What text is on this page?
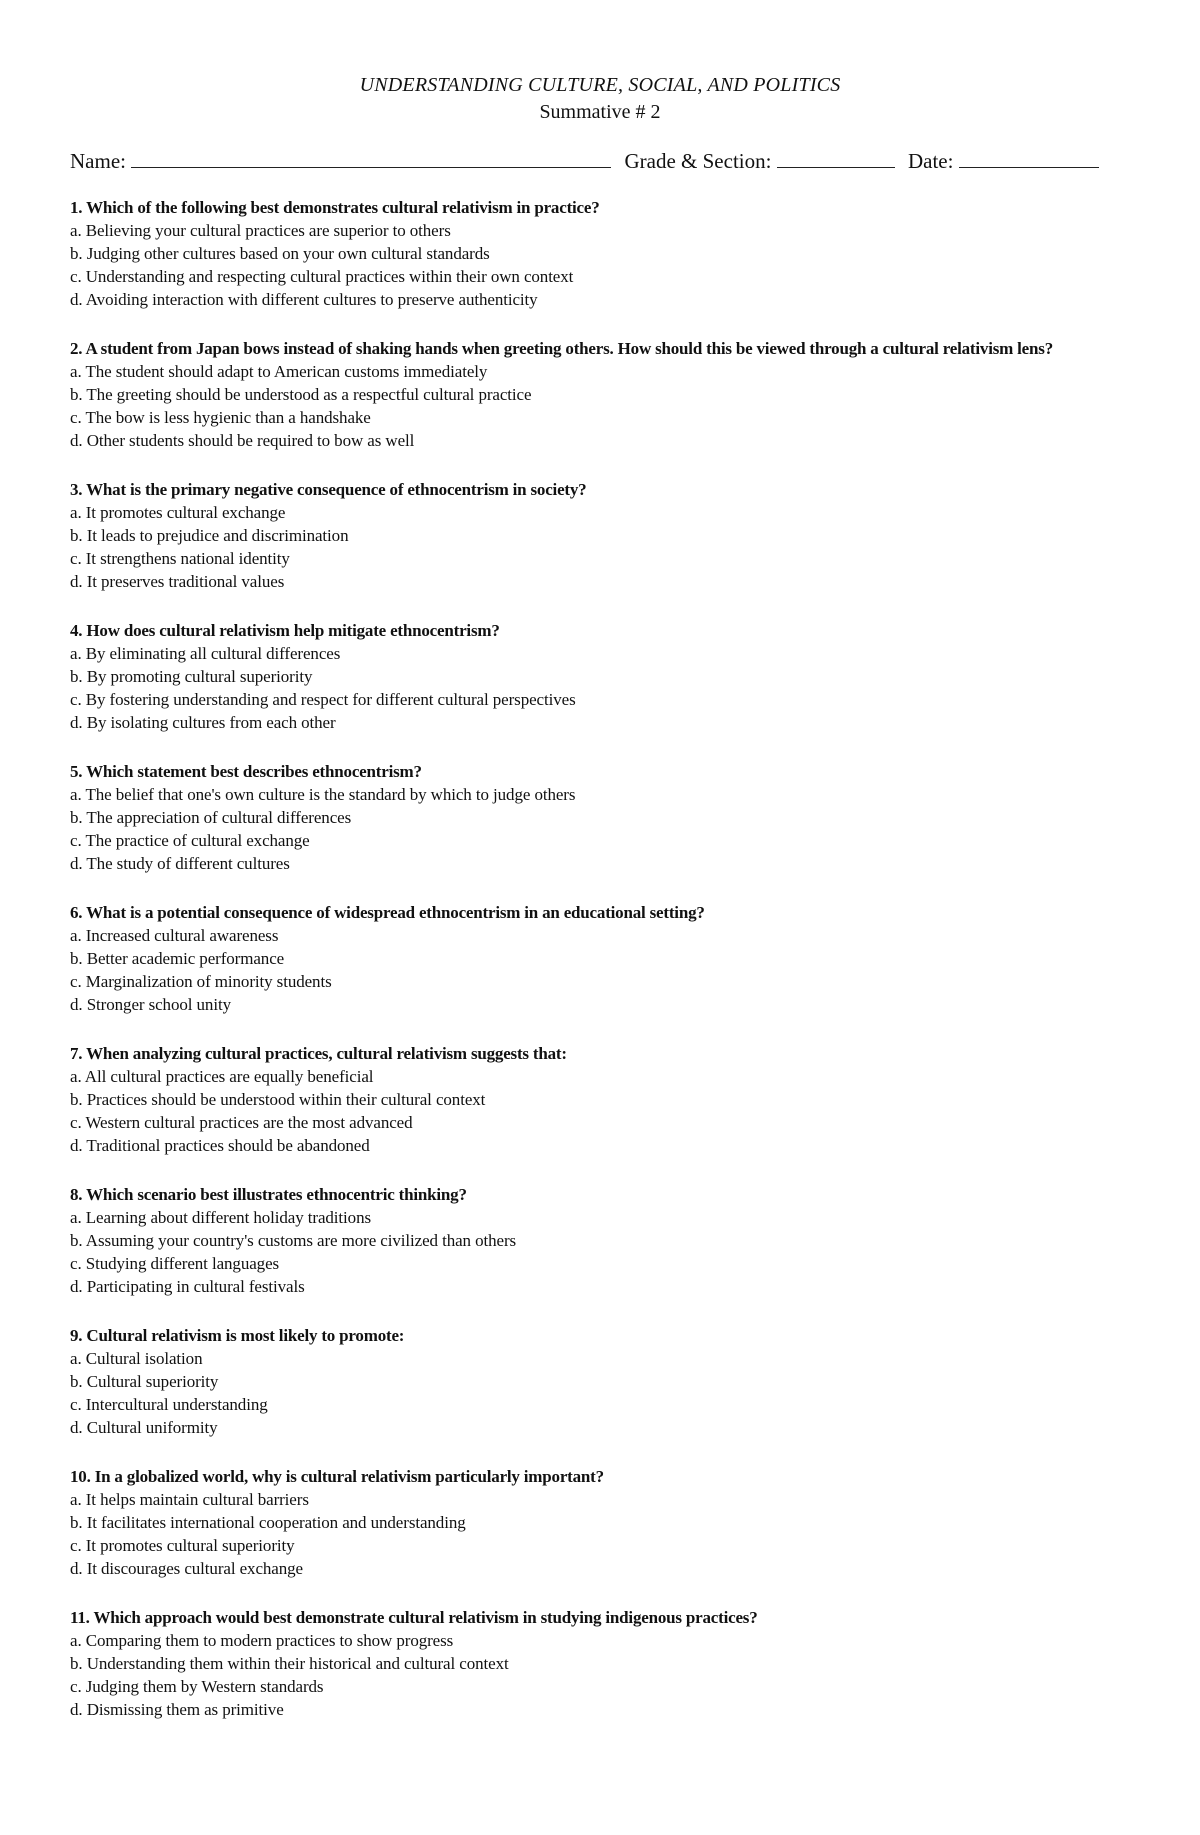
UNDERSTANDING CULTURE, SOCIAL, AND POLITICS
Summative # 2
Name:	Grade & Section:	Date:
1. Which of the following best demonstrates cultural relativism in practice?
a. Believing your cultural practices are superior to others
b. Judging other cultures based on your own cultural standards
c. Understanding and respecting cultural practices within their own context
d. Avoiding interaction with different cultures to preserve authenticity
2. A student from Japan bows instead of shaking hands when greeting others. How should this be viewed through a cultural relativism lens?
a. The student should adapt to American customs immediately
b. The greeting should be understood as a respectful cultural practice
c. The bow is less hygienic than a handshake
d. Other students should be required to bow as well
3. What is the primary negative consequence of ethnocentrism in society?
a. It promotes cultural exchange
b. It leads to prejudice and discrimination
c. It strengthens national identity
d. It preserves traditional values
4. How does cultural relativism help mitigate ethnocentrism?
a. By eliminating all cultural differences
b. By promoting cultural superiority
c. By fostering understanding and respect for different cultural perspectives
d. By isolating cultures from each other
5. Which statement best describes ethnocentrism?
a. The belief that one's own culture is the standard by which to judge others
b. The appreciation of cultural differences
c. The practice of cultural exchange
d. The study of different cultures
6. What is a potential consequence of widespread ethnocentrism in an educational setting?
a. Increased cultural awareness
b. Better academic performance
c. Marginalization of minority students
d. Stronger school unity
7. When analyzing cultural practices, cultural relativism suggests that:
a. All cultural practices are equally beneficial
b. Practices should be understood within their cultural context
c. Western cultural practices are the most advanced
d. Traditional practices should be abandoned
8. Which scenario best illustrates ethnocentric thinking?
a. Learning about different holiday traditions
b. Assuming your country's customs are more civilized than others
c. Studying different languages
d. Participating in cultural festivals
9. Cultural relativism is most likely to promote:
a. Cultural isolation
b. Cultural superiority
c. Intercultural understanding
d. Cultural uniformity
10. In a globalized world, why is cultural relativism particularly important?
a. It helps maintain cultural barriers
b. It facilitates international cooperation and understanding
c. It promotes cultural superiority
d. It discourages cultural exchange
11. Which approach would best demonstrate cultural relativism in studying indigenous practices?
a. Comparing them to modern practices to show progress
b. Understanding them within their historical and cultural context
c. Judging them by Western standards
d. Dismissing them as primitive
